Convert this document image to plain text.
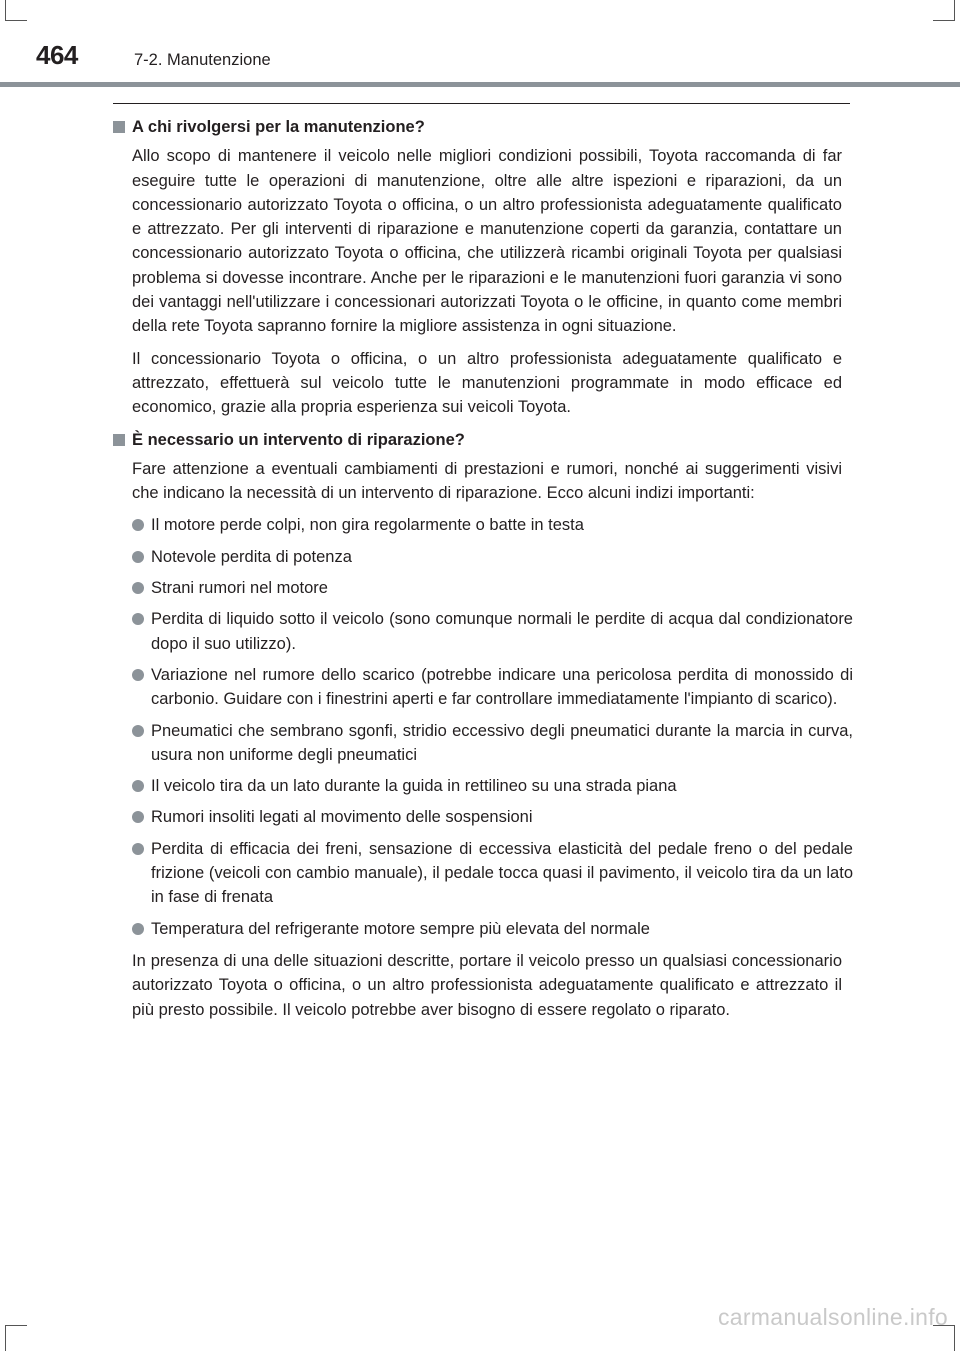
464	7-2. Manutenzione
A chi rivolgersi per la manutenzione?

Allo scopo di mantenere il veicolo nelle migliori condizioni possibili, Toyota raccomanda di far eseguire tutte le operazioni di manutenzione, oltre alle altre ispezioni e riparazioni, da un concessionario autorizzato Toyota o officina, o un altro professionista adeguatamente qualificato e attrezzato. Per gli interventi di riparazione e manutenzione coperti da garanzia, contattare un concessionario autorizzato Toyota o officina, che utilizzerà ricambi originali Toyota per qualsiasi problema si dovesse incontrare. Anche per le riparazioni e le manutenzioni fuori garanzia vi sono dei vantaggi nell'utilizzare i concessionari autorizzati Toyota o le officine, in quanto come membri della rete Toyota sapranno fornire la migliore assistenza in ogni situazione.

Il concessionario Toyota o officina, o un altro professionista adeguatamente qualificato e attrezzato, effettuerà sul veicolo tutte le manutenzioni programmate in modo efficace ed economico, grazie alla propria esperienza sui veicoli Toyota.

È necessario un intervento di riparazione?

Fare attenzione a eventuali cambiamenti di prestazioni e rumori, nonché ai suggerimenti visivi che indicano la necessità di un intervento di riparazione. Ecco alcuni indizi importanti:

Il motore perde colpi, non gira regolarmente o batte in testa
Notevole perdita di potenza
Strani rumori nel motore
Perdita di liquido sotto il veicolo (sono comunque normali le perdite di acqua dal condizionatore dopo il suo utilizzo).
Variazione nel rumore dello scarico (potrebbe indicare una pericolosa perdita di monossido di carbonio. Guidare con i finestrini aperti e far controllare immediatamente l'impianto di scarico).
Pneumatici che sembrano sgonfi, stridio eccessivo degli pneumatici durante la marcia in curva, usura non uniforme degli pneumatici
Il veicolo tira da un lato durante la guida in rettilineo su una strada piana
Rumori insoliti legati al movimento delle sospensioni
Perdita di efficacia dei freni, sensazione di eccessiva elasticità del pedale freno o del pedale frizione (veicoli con cambio manuale), il pedale tocca quasi il pavimento, il veicolo tira da un lato in fase di frenata
Temperatura del refrigerante motore sempre più elevata del normale

In presenza di una delle situazioni descritte, portare il veicolo presso un qualsiasi concessionario autorizzato Toyota o officina, o un altro professionista adeguatamente qualificato e attrezzato il più presto possibile. Il veicolo potrebbe aver bisogno di essere regolato o riparato.

carmanualsonline.info
